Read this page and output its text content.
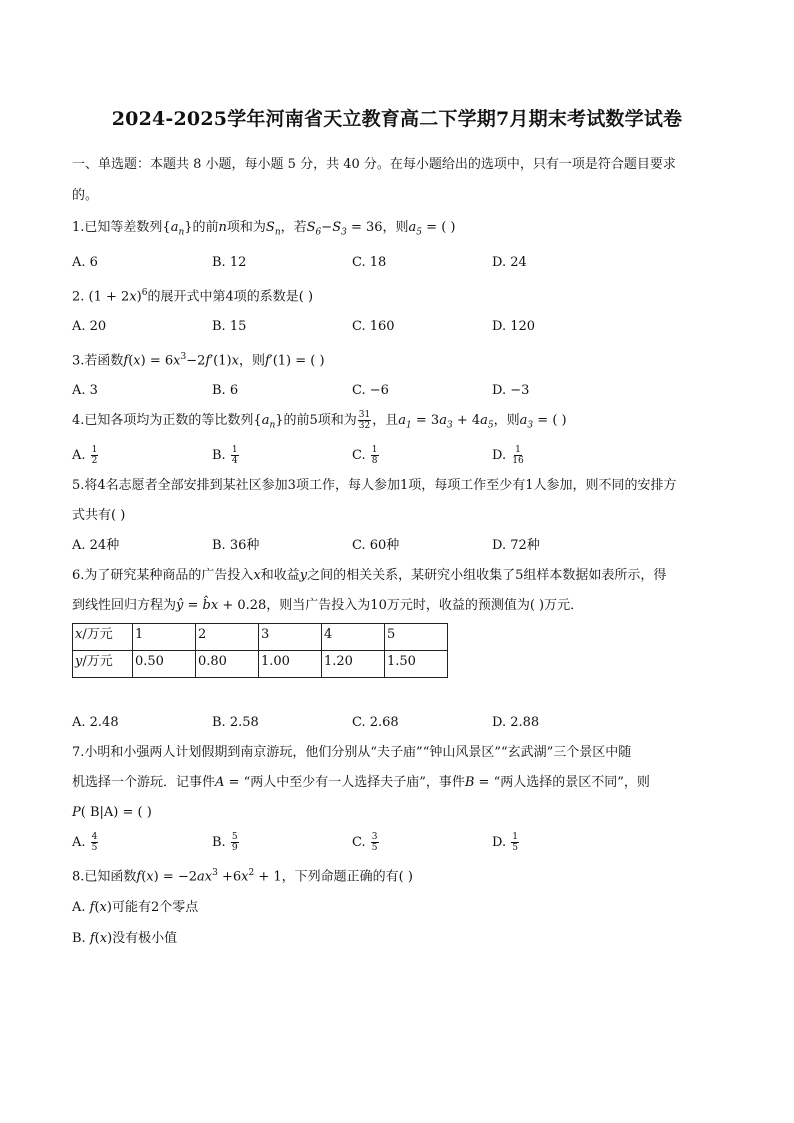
2024-2025学年河南省天立教育高二下学期7月期末考试数学试卷
一、单选题：本题共 8 小题，每小题 5 分，共 40 分。在每小题给出的选项中，只有一项是符合题目要求
的。
1.已知等差数列$\{a_n\}$的前n项和为$S_n$，若$S_6-S_3 = 36$，则$a_5$ = ( )
A. 6	B. 12	C. 18	D. 24
2. $(1 + 2x)^6$的展开式中第4项的系数是( )
A. 20	B. 15	C. 160	D. 120
3.若函数$f(x) = 6x^3-2f'(1)x$，则f′(1) = ( )
A. 3	B. 6	C. −6	D. −3
4.已知各项均为正数的等比数列$\{a_n\}$的前5项和为 $\frac{31}{32}$ ，且$a_1 = 3a_3 + 4a_5$，则$a_3$ = ( )
A.
$\frac{1}{2}$	B.
$\frac{1}{4}$	C.
$\frac{1}{8}$	D.
$\frac{1}{16}$
5.将4名志愿者全部安排到某社区参加3项工作，每人参加1项，每项工作至少有1人参加，则不同的安排方
式共有( )
A. 24种	B. 36种	C. 60种	D. 72种
6.为了研究某种商品的广告投入x和收益y之间的相关关系，某研究小组收集了5组样本数据如表所示，得
到线性回归方程为ŷ = b̂x + 0.28，则当广告投入为10万元时，收益的预测值为( )万元．
x/万元	1	2	3	4	5
y/万元	0.50	0.80	1.00	1.20	1.50
A. 2.48	B. 2.58	C. 2.68	D. 2.88
7.小明和小强两人计划假期到南京游玩，他们分别从“夫子庙”“钟山风景区”“玄武湖”三个景区中随
机选择一个游玩．记事件A = “两人中至少有一人选择夫子庙”，事件B = “两人选择的景区不同”，则
P( B|A) = ( )
A.
$\frac{4}{5}$	B.
$\frac{5}{9}$	C.
$\frac{3}{5}$	D.
$\frac{1}{5}$
8.已知函数$f(x) = -2ax^3 +6x^2 + 1$，下列命题正确的有( )
A. f(x)可能有2个零点
B. f(x)没有极小值
